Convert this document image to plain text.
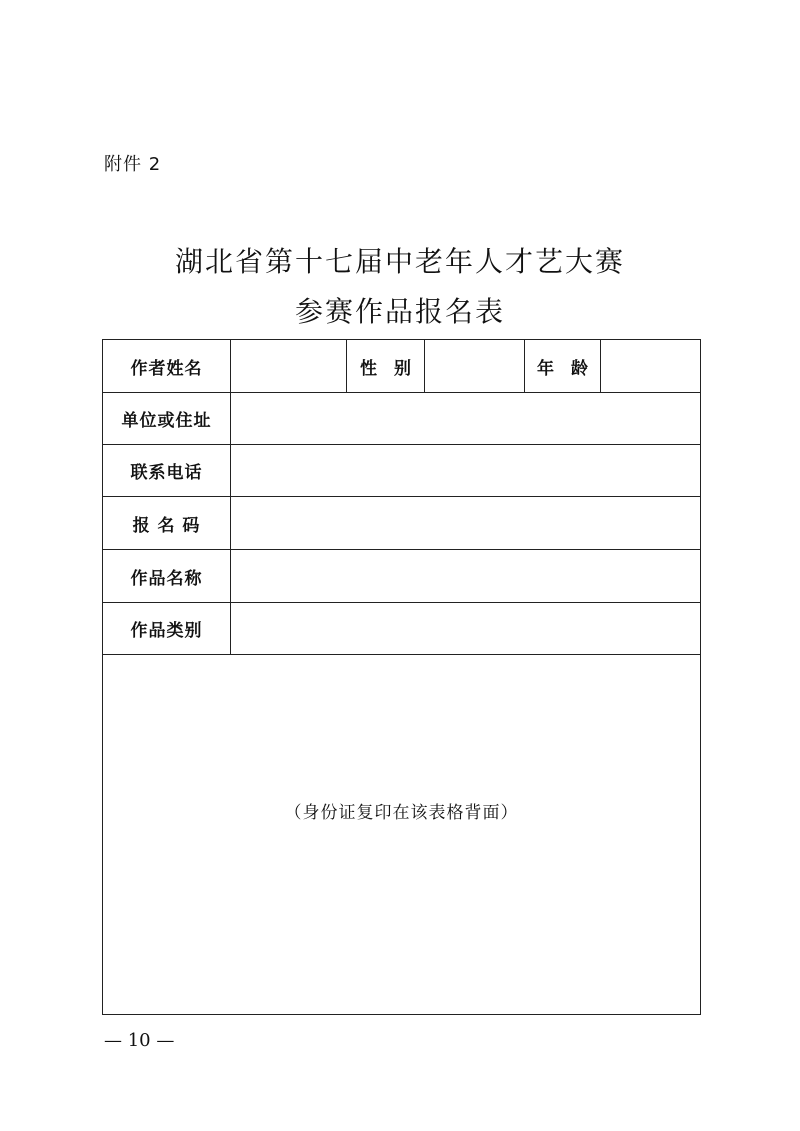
附件 2
湖北省第十七届中老年人才艺大赛
参赛作品报名表
作者姓名		性　别		年　龄	
单位或住址					
联系电话					
报 名 码					
作品名称					
作品类别					
（身份证复印在该表格背面）					
— 10 —
